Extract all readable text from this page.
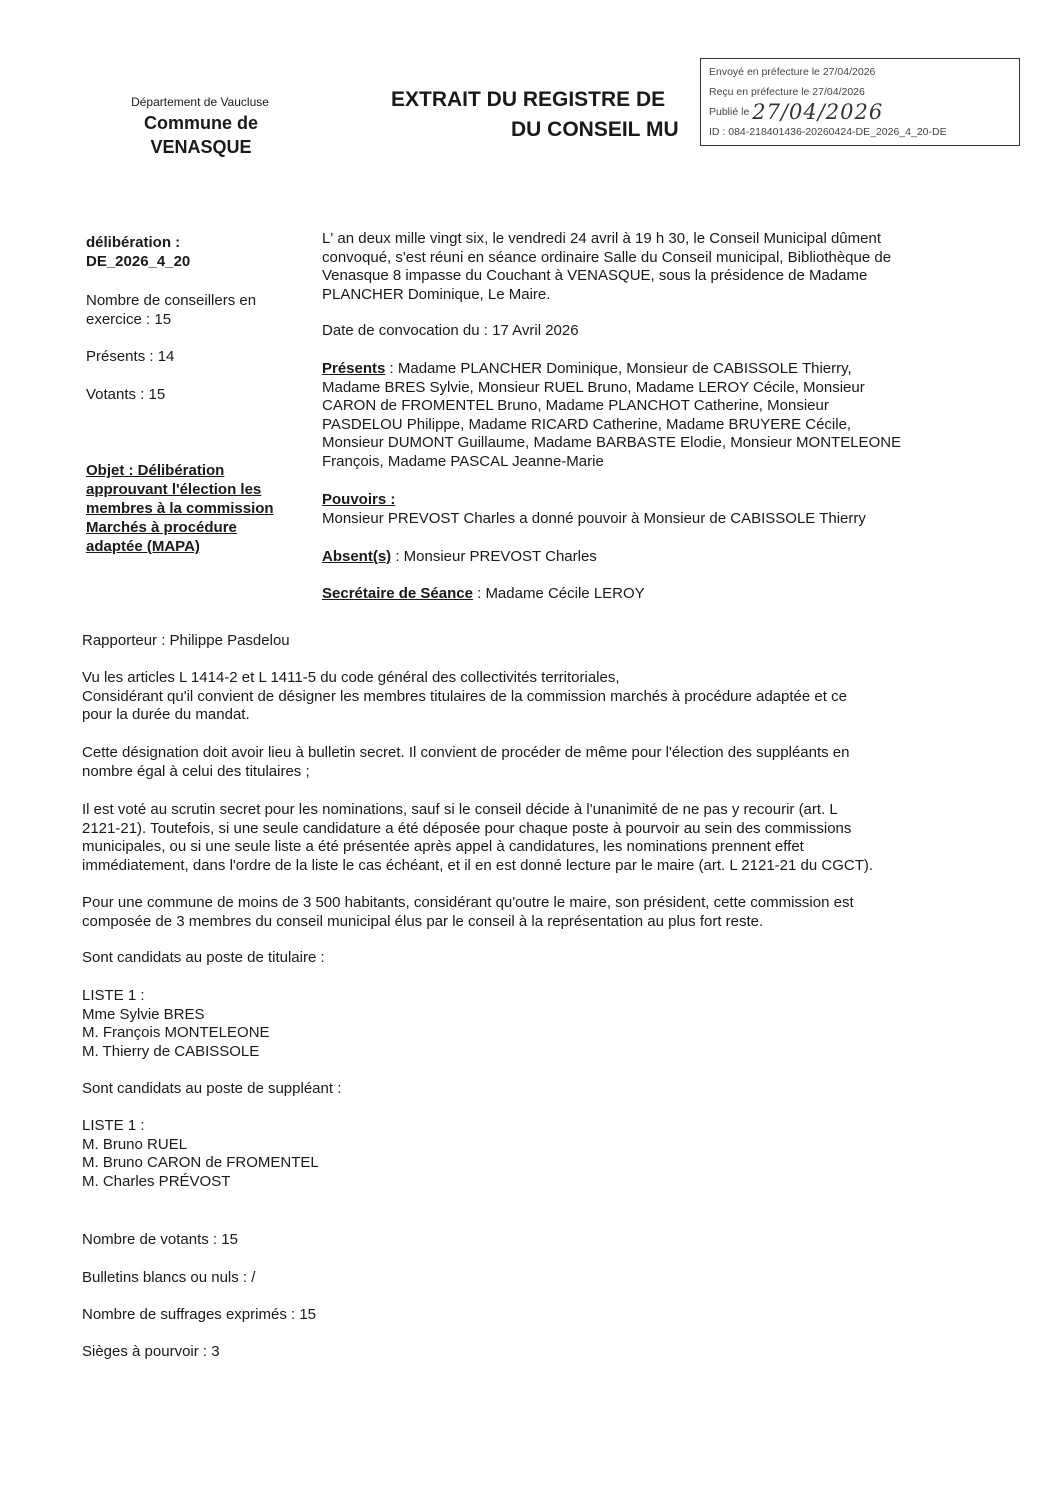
Département de Vaucluse
Commune de
VENASQUE
EXTRAIT DU REGISTRE DE
DU CONSEIL MU
Envoyé en préfecture le 27/04/2026
Reçu en préfecture le 27/04/2026
Publié le 27/04/2026
ID : 084-218401436-20260424-DE_2026_4_20-DE
délibération :
DE_2026_4_20
Nombre de conseillers en
exercice : 15
Présents : 14
Votants : 15
Objet : Délibération
approuvant l'élection les
membres à la commission
Marchés à procédure
adaptée (MAPA)
L' an deux mille vingt six, le vendredi 24 avril à 19 h 30, le Conseil Municipal dûment
convoqué, s'est réuni en séance ordinaire Salle du Conseil municipal, Bibliothèque de
Venasque 8 impasse du Couchant à VENASQUE, sous la présidence de Madame
PLANCHER Dominique, Le Maire.
Date de convocation du : 17 Avril 2026
Présents : Madame PLANCHER Dominique, Monsieur de CABISSOLE Thierry,
Madame BRES Sylvie, Monsieur RUEL Bruno, Madame LEROY Cécile, Monsieur
CARON de FROMENTEL Bruno, Madame PLANCHOT Catherine, Monsieur
PASDELOU Philippe, Madame RICARD Catherine, Madame BRUYERE Cécile,
Monsieur DUMONT Guillaume, Madame BARBASTE Elodie, Monsieur MONTELEONE
François, Madame PASCAL Jeanne-Marie
Pouvoirs :
Monsieur PREVOST Charles a donné pouvoir à Monsieur de CABISSOLE Thierry
Absent(s) : Monsieur PREVOST Charles
Secrétaire de Séance : Madame Cécile LEROY
Rapporteur : Philippe Pasdelou
Vu les articles L 1414-2 et L 1411-5 du code général des collectivités territoriales,
Considérant qu'il convient de désigner les membres titulaires de la commission marchés à procédure adaptée et ce
pour la durée du mandat.
Cette désignation doit avoir lieu à bulletin secret. Il convient de procéder de même pour l'élection des suppléants en
nombre égal à celui des titulaires ;
Il est voté au scrutin secret pour les nominations, sauf si le conseil décide à l'unanimité de ne pas y recourir (art. L
2121-21). Toutefois, si une seule candidature a été déposée pour chaque poste à pourvoir au sein des commissions
municipales, ou si une seule liste a été présentée après appel à candidatures, les nominations prennent effet
immédiatement, dans l'ordre de la liste le cas échéant, et il en est donné lecture par le maire (art. L 2121-21 du CGCT).
Pour une commune de moins de 3 500 habitants, considérant qu'outre le maire, son président, cette commission est
composée de 3 membres du conseil municipal élus par le conseil à la représentation au plus fort reste.
Sont candidats au poste de titulaire :
LISTE 1 :
Mme Sylvie BRES
M. François MONTELEONE
M. Thierry de CABISSOLE
Sont candidats au poste de suppléant :
LISTE 1 :
M. Bruno RUEL
M. Bruno CARON de FROMENTEL
M. Charles PRÉVOST
Nombre de votants : 15
Bulletins blancs ou nuls : /
Nombre de suffrages exprimés : 15
Sièges à pourvoir : 3
